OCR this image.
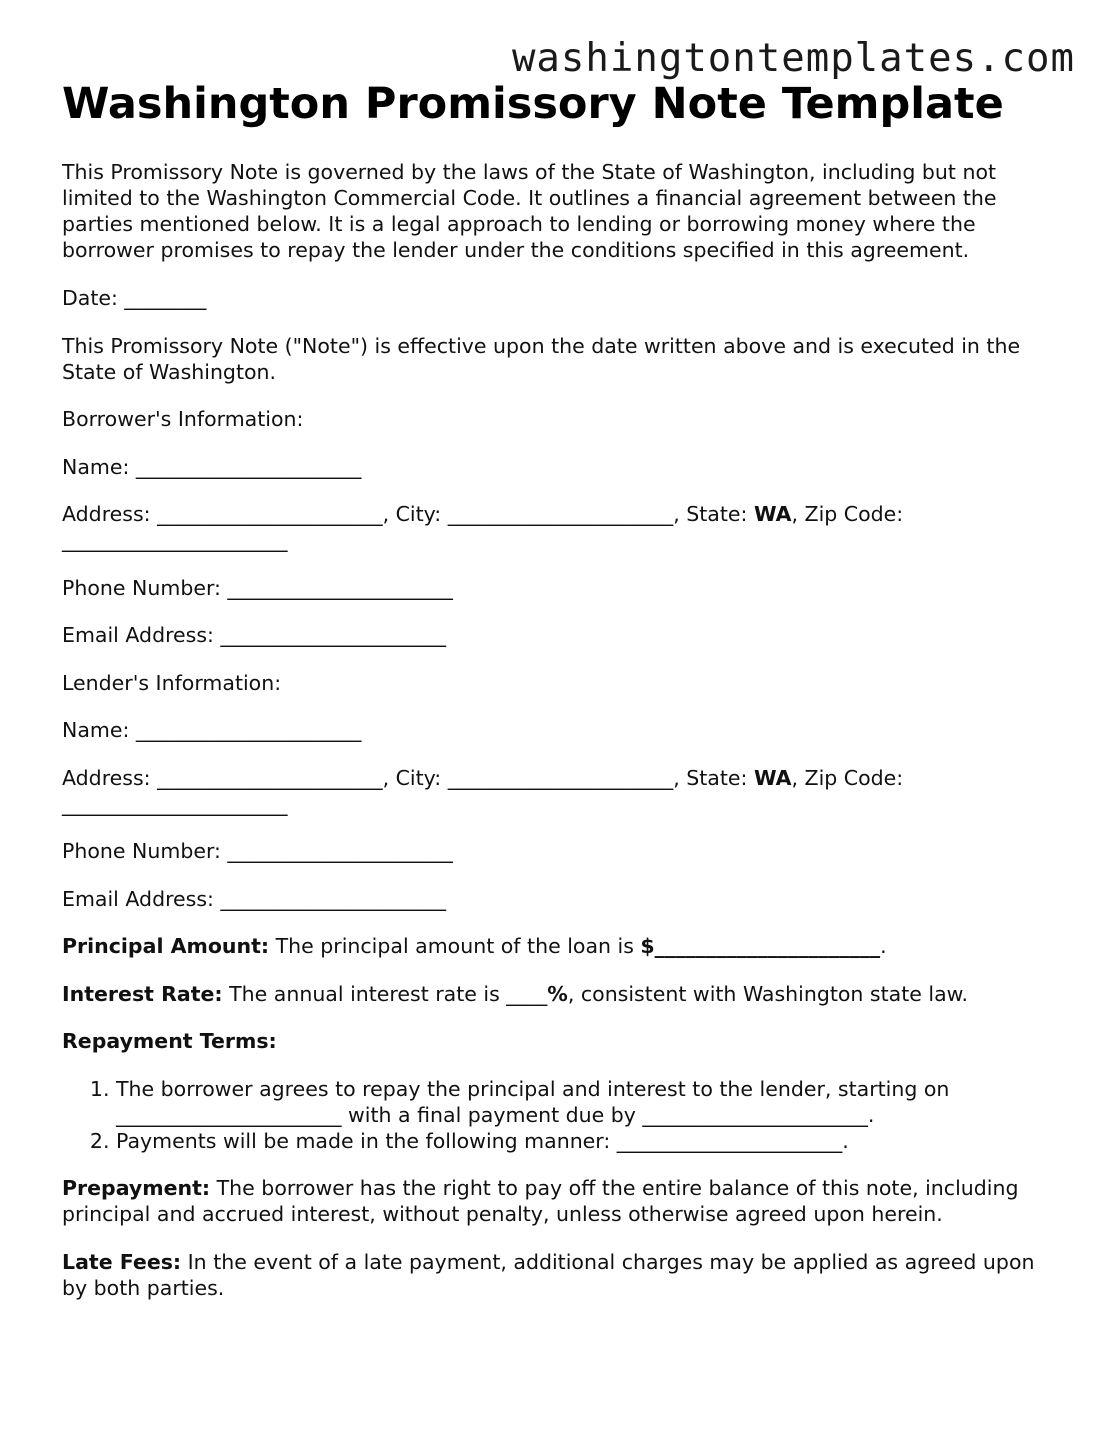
washingtontemplates.com
Washington Promissory Note Template

This Promissory Note is governed by the laws of the State of Washington, including but not limited to the Washington Commercial Code. It outlines a financial agreement between the parties mentioned below. It is a legal approach to lending or borrowing money where the borrower promises to repay the lender under the conditions specified in this agreement.

Date: ________

This Promissory Note ("Note") is effective upon the date written above and is executed in the State of Washington.

Borrower's Information:

Name: ______________________

Address: ______________________, City: ______________________, State: WA, Zip Code: ______________________

Phone Number: ______________________

Email Address: ______________________

Lender's Information:

Name: ______________________

Address: ______________________, City: ______________________, State: WA, Zip Code: ______________________

Phone Number: ______________________

Email Address: ______________________

Principal Amount: The principal amount of the loan is $______________________.

Interest Rate: The annual interest rate is ____%, consistent with Washington state law.

Repayment Terms:

1. The borrower agrees to repay the principal and interest to the lender, starting on ______________________ with a final payment due by ______________________.
2. Payments will be made in the following manner: ______________________.

Prepayment: The borrower has the right to pay off the entire balance of this note, including principal and accrued interest, without penalty, unless otherwise agreed upon herein.

Late Fees: In the event of a late payment, additional charges may be applied as agreed upon by both parties.
